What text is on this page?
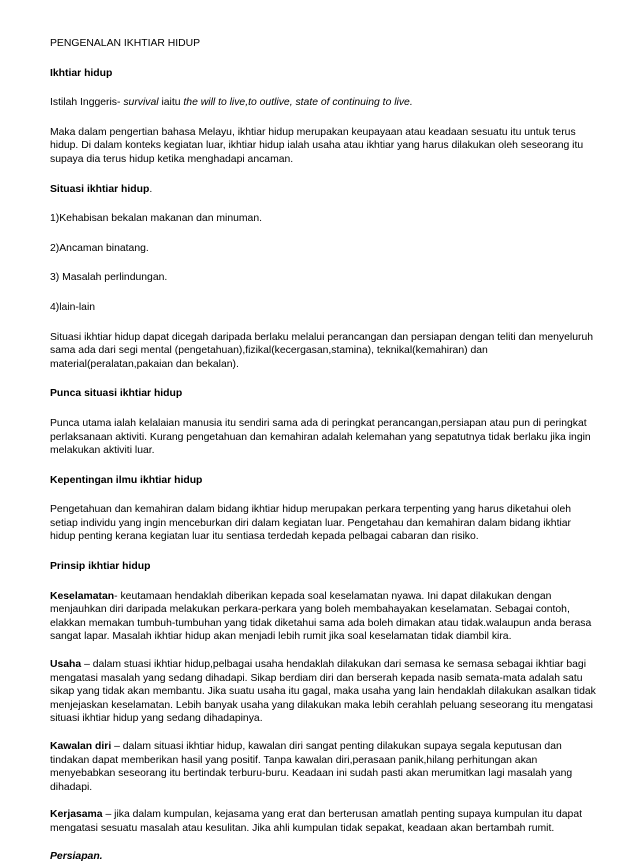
PENGENALAN IKHTIAR HIDUP

Ikhtiar hidup

Istilah Inggeris- survival iaitu the will to live,to outlive, state of continuing to live.

Maka dalam pengertian bahasa Melayu, ikhtiar hidup merupakan keupayaan atau keadaan sesuatu itu untuk terus hidup. Di dalam konteks kegiatan luar, ikhtiar hidup ialah usaha atau ikhtiar yang harus dilakukan oleh seseorang itu supaya dia terus hidup ketika menghadapi ancaman.

Situasi ikhtiar hidup.

1)Kehabisan bekalan makanan dan minuman.

2)Ancaman binatang.

3) Masalah perlindungan.

4)lain-lain

Situasi ikhtiar hidup dapat dicegah daripada berlaku melalui perancangan dan persiapan dengan teliti dan menyeluruh sama ada dari segi mental (pengetahuan),fizikal(kecergasan,stamina), teknikal(kemahiran) dan material(peralatan,pakaian dan bekalan).

Punca situasi ikhtiar hidup

Punca utama ialah kelalaian manusia itu sendiri sama ada di peringkat perancangan,persiapan atau pun di peringkat perlaksanaan aktiviti. Kurang pengetahuan dan kemahiran adalah kelemahan yang sepatutnya tidak berlaku jika ingin melakukan aktiviti luar.

Kepentingan ilmu ikhtiar hidup

Pengetahuan dan kemahiran dalam bidang ikhtiar hidup merupakan perkara terpenting yang harus diketahui oleh setiap individu yang ingin menceburkan diri dalam kegiatan luar. Pengetahau dan kemahiran dalam bidang ikhtiar hidup penting kerana kegiatan luar itu sentiasa terdedah kepada pelbagai cabaran dan risiko.

Prinsip ikhtiar hidup

Keselamatan- keutamaan hendaklah diberikan kepada soal keselamatan nyawa. Ini dapat dilakukan dengan menjauhkan diri daripada melakukan perkara-perkara yang boleh membahayakan keselamatan. Sebagai contoh, elakkan memakan tumbuh-tumbuhan yang tidak diketahui sama ada boleh dimakan atau tidak.walaupun anda berasa sangat lapar. Masalah ikhtiar hidup akan menjadi lebih rumit jika soal keselamatan tidak diambil kira.

Usaha – dalam stuasi ikhtiar hidup,pelbagai usaha hendaklah dilakukan dari semasa ke semasa sebagai ikhtiar bagi mengatasi masalah yang sedang dihadapi. Sikap berdiam diri dan berserah kepada nasib semata-mata adalah satu sikap yang tidak akan membantu. Jika suatu usaha itu gagal, maka usaha yang lain hendaklah dilakukan asalkan tidak menjejaskan keselamatan. Lebih banyak usaha yang dilakukan maka lebih cerahlah peluang seseorang itu mengatasi situasi ikhtiar hidup yang sedang dihadapinya.

Kawalan diri – dalam situasi ikhtiar hidup, kawalan diri sangat penting dilakukan supaya segala keputusan dan tindakan dapat memberikan hasil yang positif. Tanpa kawalan diri,perasaan panik,hilang perhitungan akan menyebabkan seseorang itu bertindak terburu-buru. Keadaan ini sudah pasti akan merumitkan lagi masalah yang dihadapi.

Kerjasama – jika dalam kumpulan, kejasama yang erat dan berterusan amatlah penting supaya kumpulan itu dapat mengatasi sesuatu masalah atau kesulitan. Jika ahli kumpulan tidak sepakat, keadaan akan bertambah rumit.

Persiapan.
